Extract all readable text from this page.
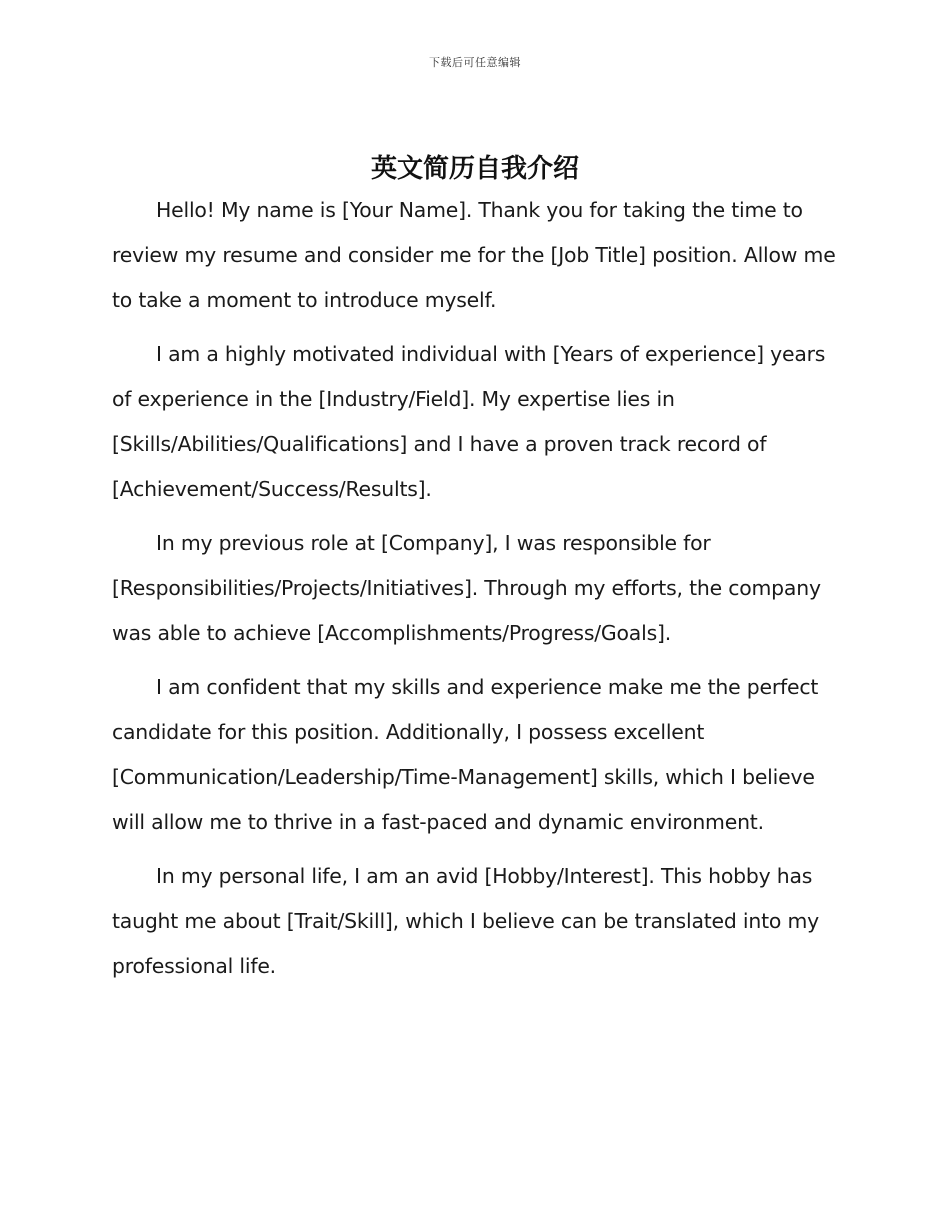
下载后可任意编辑
英文简历自我介绍

Hello! My name is [Your Name]. Thank you for taking the time to review my resume and consider me for the [Job Title] position. Allow me to take a moment to introduce myself.

I am a highly motivated individual with [Years of experience] years of experience in the [Industry/Field]. My expertise lies in [Skills/Abilities/Qualifications] and I have a proven track record of [Achievement/Success/Results].

In my previous role at [Company], I was responsible for [Responsibilities/Projects/Initiatives]. Through my efforts, the company was able to achieve [Accomplishments/Progress/Goals].

I am confident that my skills and experience make me the perfect candidate for this position. Additionally, I possess excellent [Communication/Leadership/Time-Management] skills, which I believe will allow me to thrive in a fast-paced and dynamic environment.

In my personal life, I am an avid [Hobby/Interest]. This hobby has taught me about [Trait/Skill], which I believe can be translated into my professional life.
